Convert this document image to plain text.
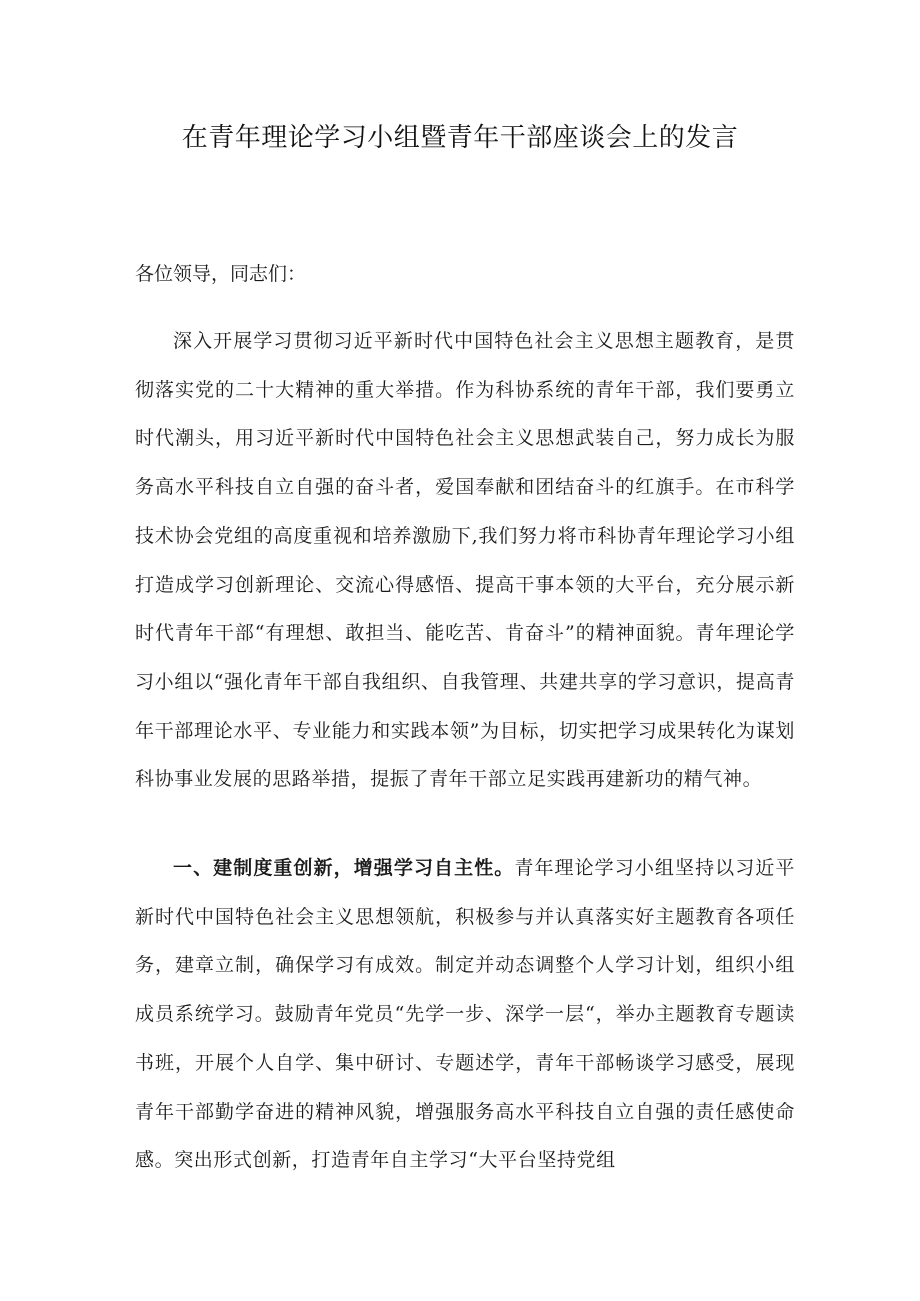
在青年理论学习小组暨青年干部座谈会上的发言

各位领导，同志们：

深入开展学习贯彻习近平新时代中国特色社会主义思想主题教育，是贯彻落实党的二十大精神的重大举措。作为科协系统的青年干部，我们要勇立时代潮头，用习近平新时代中国特色社会主义思想武装自己，努力成长为服务高水平科技自立自强的奋斗者，爱国奉献和团结奋斗的红旗手。在市科学技术协会党组的高度重视和培养激励下,我们努力将市科协青年理论学习小组打造成学习创新理论、交流心得感悟、提高干事本领的大平台，充分展示新时代青年干部“有理想、敢担当、能吃苦、肯奋斗”的精神面貌。青年理论学习小组以“强化青年干部自我组织、自我管理、共建共享的学习意识，提高青年干部理论水平、专业能力和实践本领”为目标，切实把学习成果转化为谋划科协事业发展的思路举措，提振了青年干部立足实践再建新功的精气神。

一、建制度重创新，增强学习自主性。青年理论学习小组坚持以习近平新时代中国特色社会主义思想领航，积极参与并认真落实好主题教育各项任务，建章立制，确保学习有成效。制定并动态调整个人学习计划，组织小组成员系统学习。鼓励青年党员“先学一步、深学一层“，举办主题教育专题读书班，开展个人自学、集中研讨、专题述学，青年干部畅谈学习感受，展现青年干部勤学奋进的精神风貌，增强服务高水平科技自立自强的责任感使命感。突出形式创新，打造青年自主学习“大平台坚持党组
